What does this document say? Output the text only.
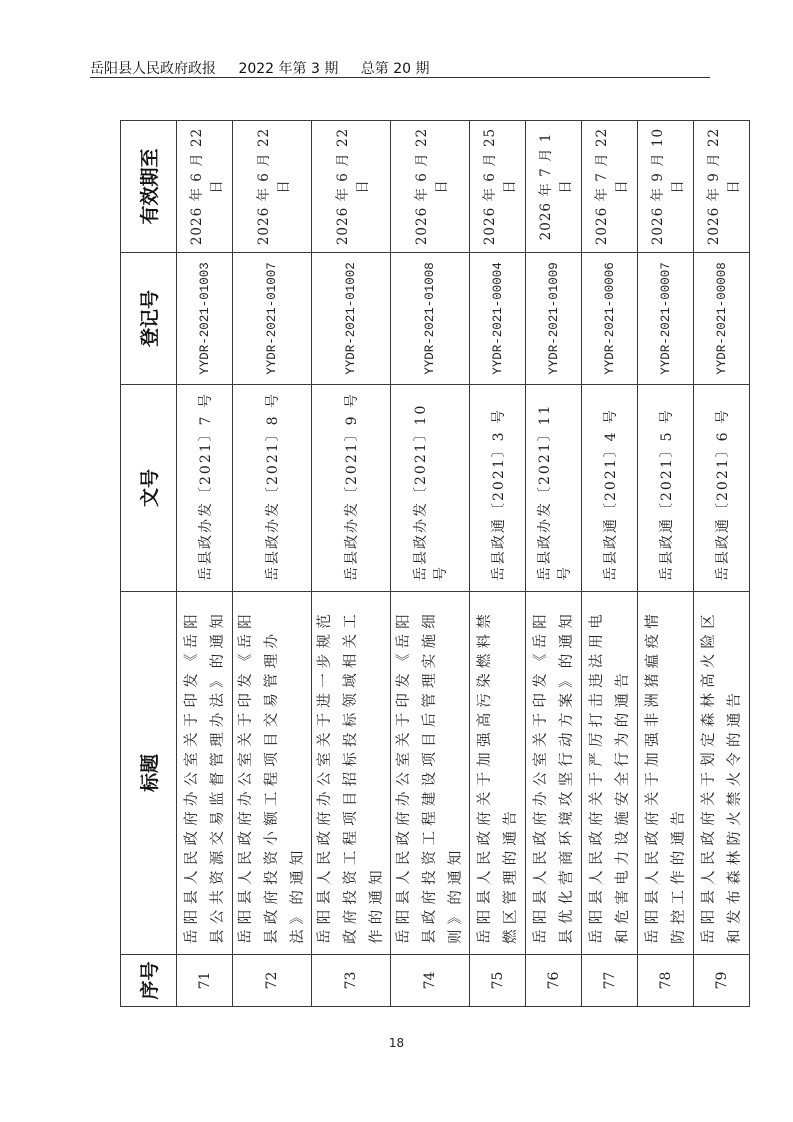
岳阳县人民政府政报 2022 年第 3 期 总第 20 期
序号	标题	文号	登记号	有效期至
71	岳阳县人民政府办公室关于印发《岳阳县公共资源交易监督管理办法》的通知	岳县政办发〔2021〕7 号	YYDR-2021-01003	2026 年 6 月 22 日
72	岳阳县人民政府办公室关于印发《岳阳县政府投资小额工程项目交易管理办法》的通知	岳县政办发〔2021〕8 号	YYDR-2021-01007	2026 年 6 月 22 日
73	岳阳县人民政府办公室关于进一步规范政府投资工程项目招标投标领域相关工作的通知	岳县政办发〔2021〕9 号	YYDR-2021-01002	2026 年 6 月 22 日
74	岳阳县人民政府办公室关于印发《岳阳县政府投资工程建设项目后管理实施细则》的通知	岳县政办发〔2021〕10 号	YYDR-2021-01008	2026 年 6 月 22 日
75	岳阳县人民政府关于加强高污染燃料禁燃区管理的通告	岳县政通〔2021〕3 号	YYDR-2021-00004	2026 年 6 月 25 日
76	岳阳县人民政府办公室关于印发《岳阳县优化营商环境攻坚行动方案》的通知	岳县政办发〔2021〕11 号	YYDR-2021-01009	2026 年 7 月 1 日
77	岳阳县人民政府关于严厉打击违法用电和危害电力设施安全行为的通告	岳县政通〔2021〕4 号	YYDR-2021-00006	2026 年 7 月 22 日
78	岳阳县人民政府关于加强非洲猪瘟疫情防控工作的通告	岳县政通〔2021〕5 号	YYDR-2021-00007	2026 年 9 月 10 日
79	岳阳县人民政府关于划定森林高火险区和发布森林防火禁火令的通告	岳县政通〔2021〕6 号	YYDR-2021-00008	2026 年 9 月 22 日
18
